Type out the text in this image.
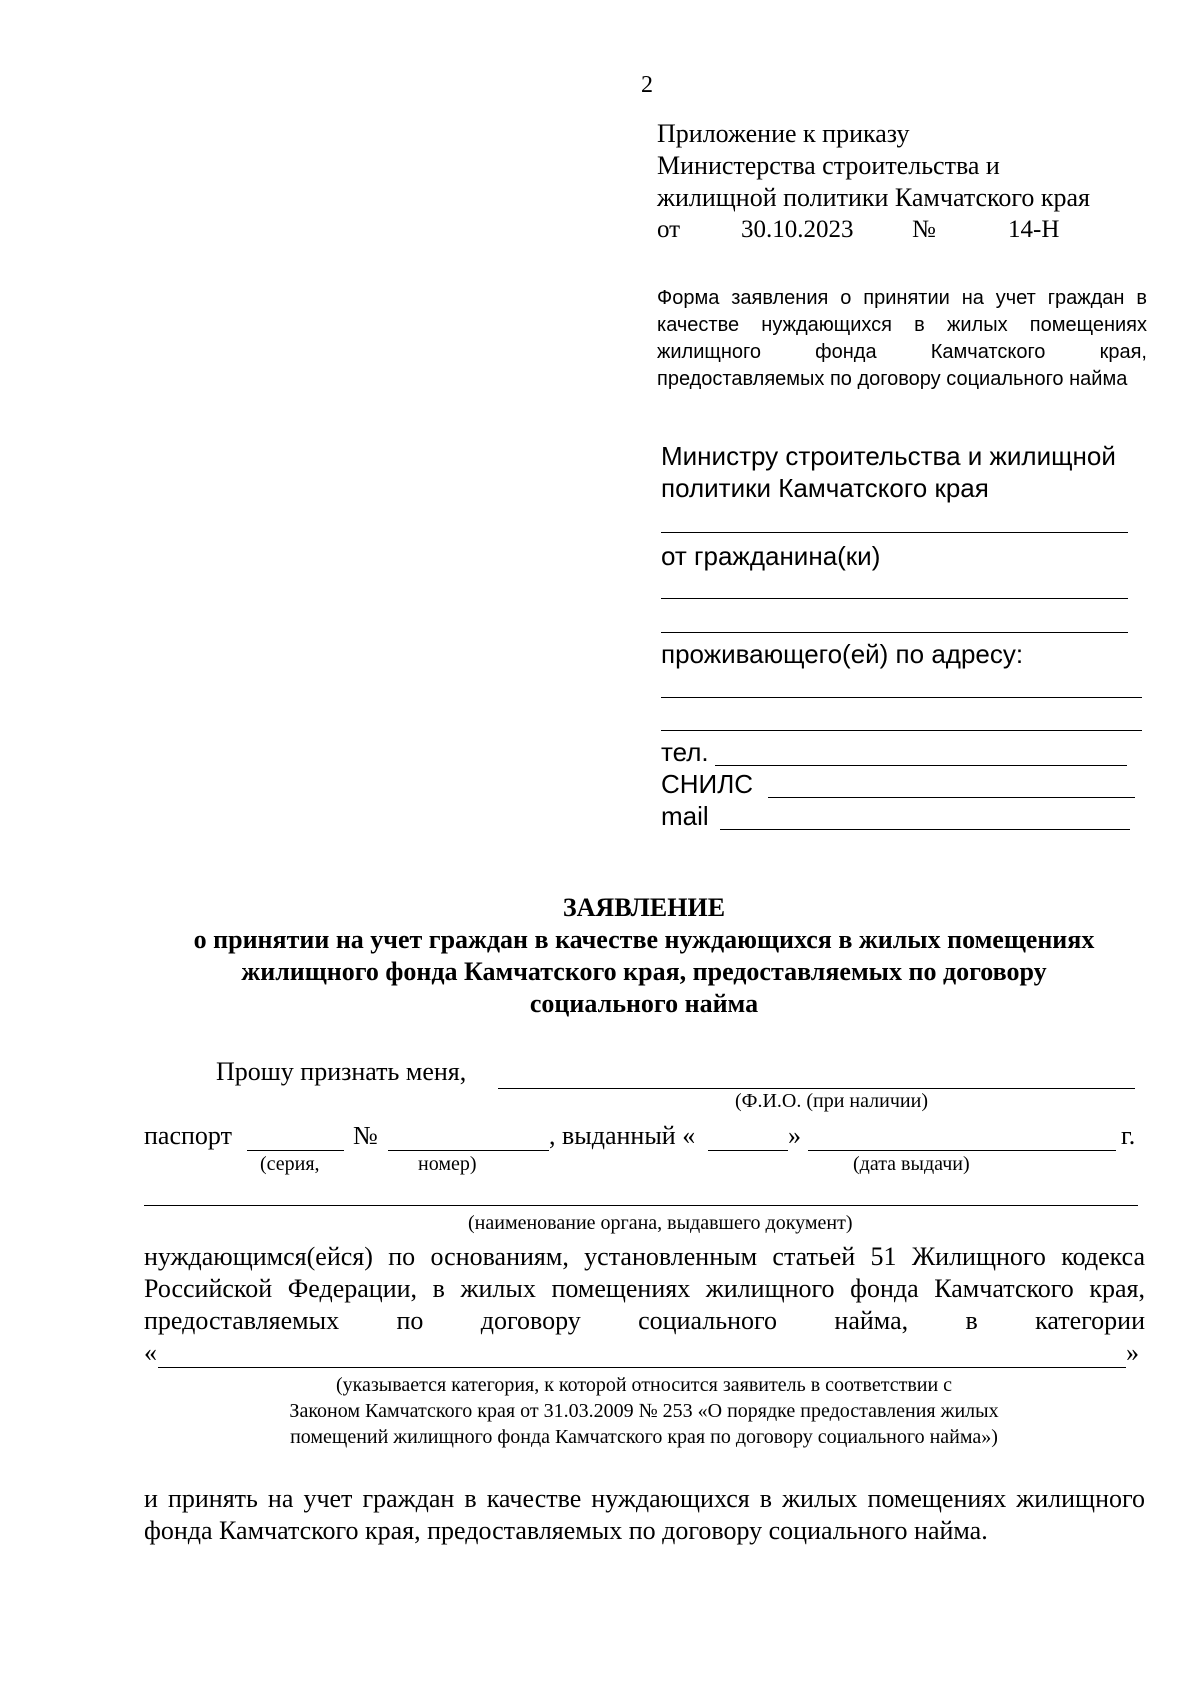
2
Приложение к приказу
Министерства строительства и
жилищной политики Камчатского края
от 30.10.2023 №	14-Н
Форма заявления о принятии на учет граждан в качестве нуждающихся в жилых помещениях жилищного фонда Камчатского края, предоставляемых по договору социального найма
Министру строительства и жилищной
политики Камчатского края
от гражданина(ки)
проживающего(ей) по адресу:
тел.
СНИЛС
mail
ЗАЯВЛЕНИЕ
о принятии на учет граждан в качестве нуждающихся в жилых помещениях
жилищного фонда Камчатского края, предоставляемых по договору
социального найма
Прошу признать меня,
(Ф.И.О. (при наличии)
паспорт	№	, выданный «	»	г.
(серия,	номер)	(дата выдачи)
(наименование органа, выдавшего документ)
нуждающимся(ейся) по основаниям, установленным статьей 51 Жилищного кодекса Российской Федерации, в жилых помещениях жилищного фонда Камчатского края, предоставляемых по договору социального найма, в категории
«	»
(указывается категория, к которой относится заявитель в соответствии с
Законом Камчатского края от 31.03.2009 № 253 «О порядке предоставления жилых
помещений жилищного фонда Камчатского края по договору социального найма»)
и принять на учет граждан в качестве нуждающихся в жилых помещениях жилищного фонда Камчатского края, предоставляемых по договору социального найма.
